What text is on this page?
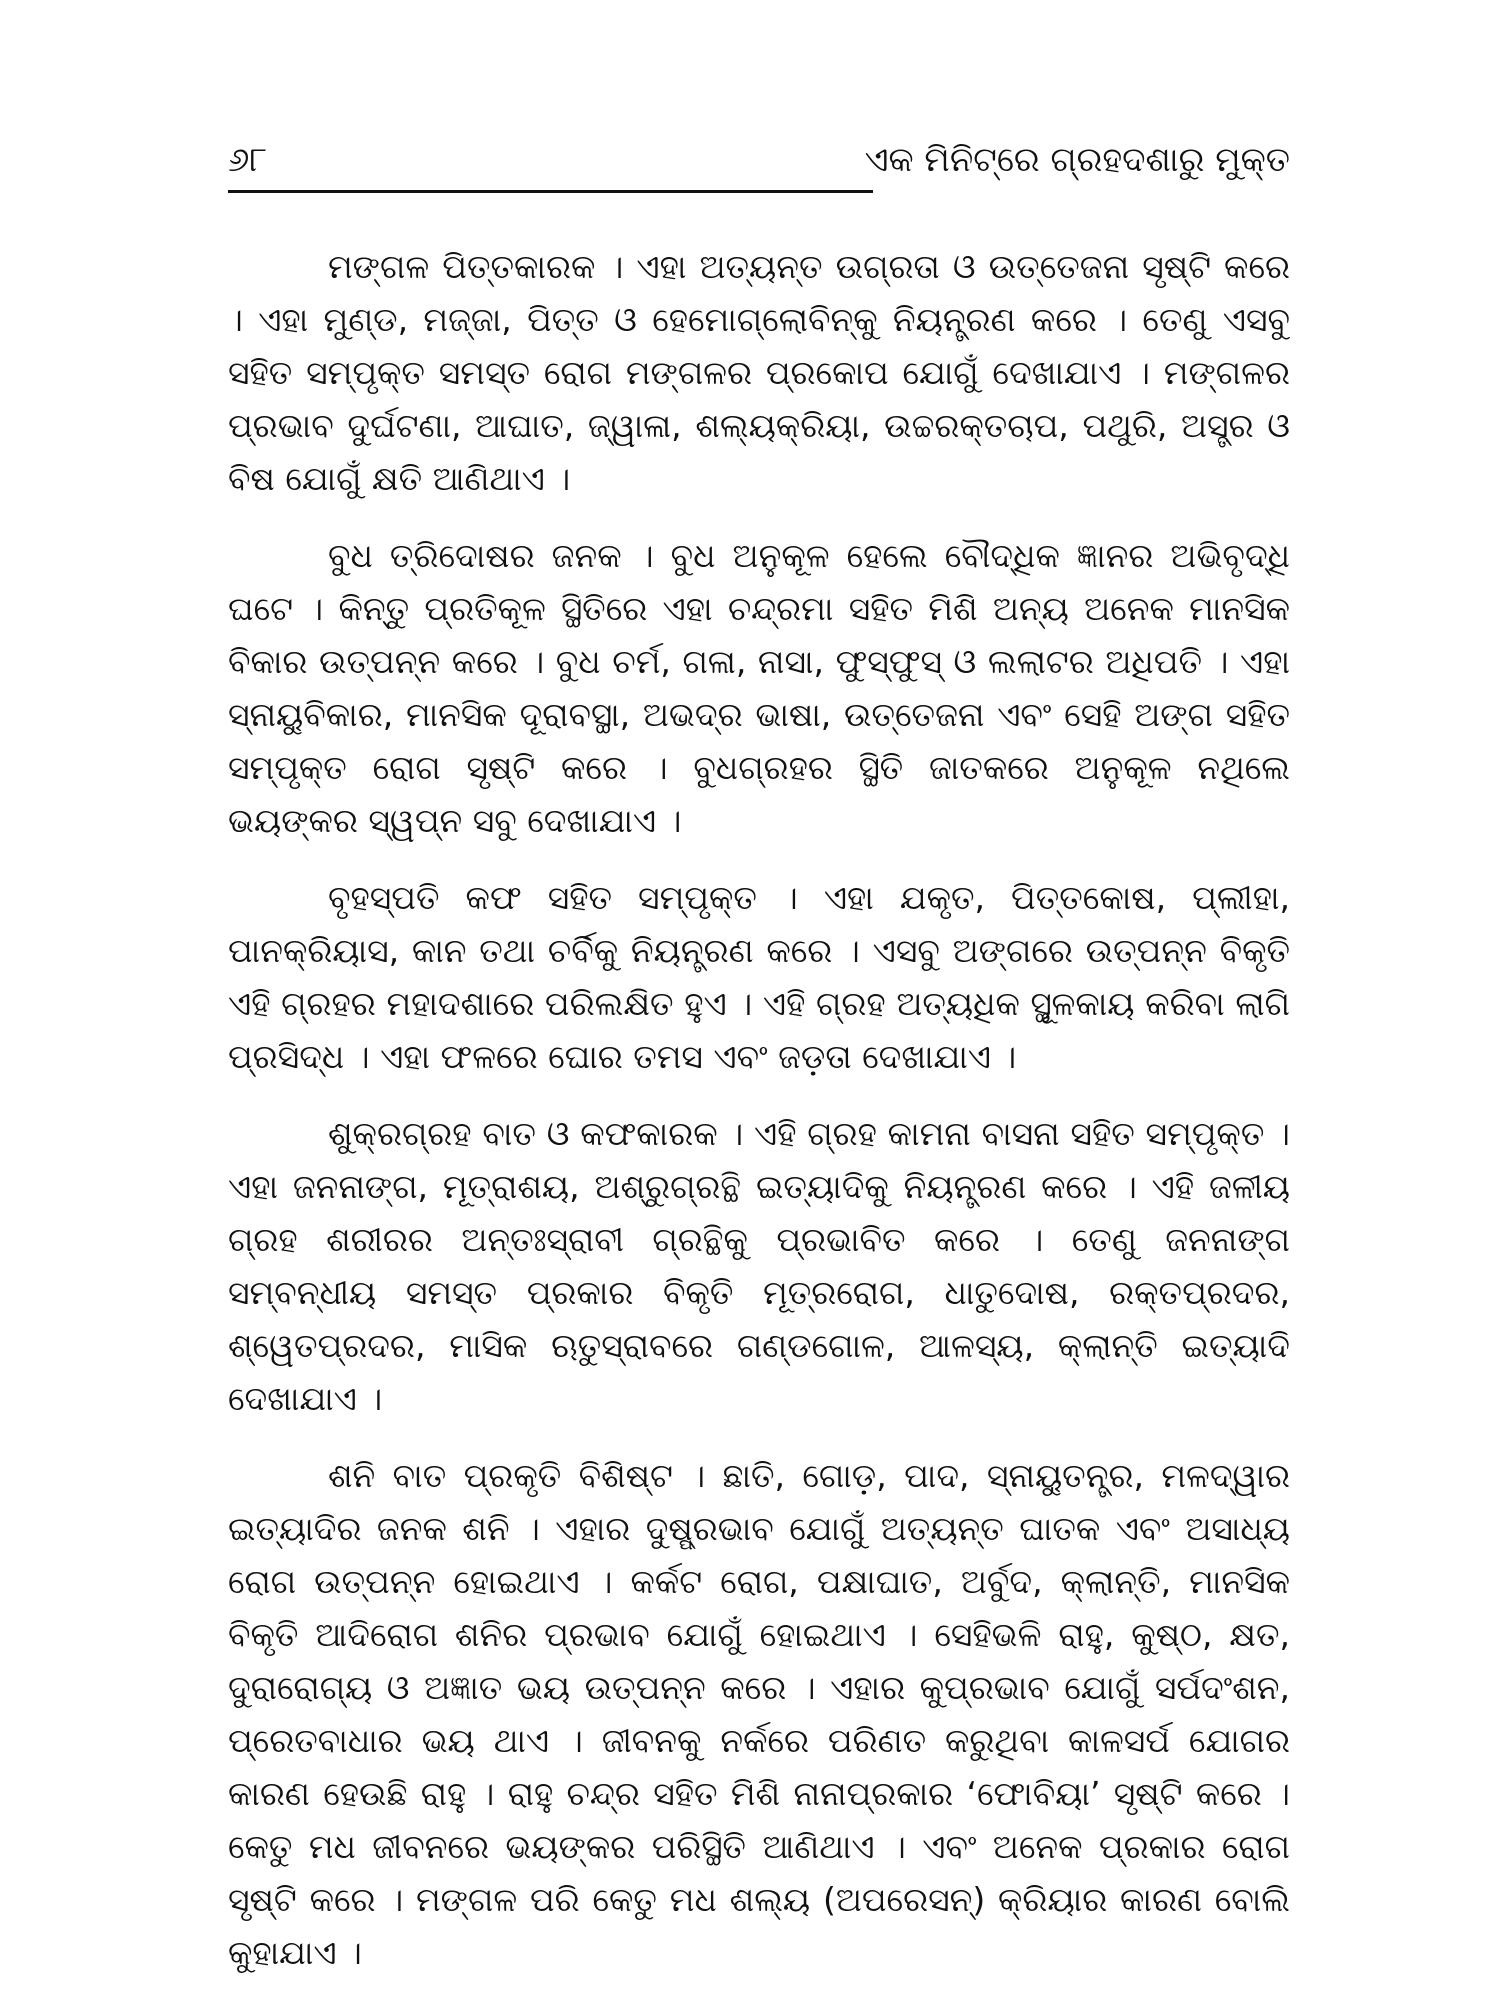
୬୮	ଏକ ମିନିଟ୍‌ରେ ଗ୍ରହଦଶାରୁ ମୁକ୍ତ

ମଙ୍ଗଳ ପିତ୍ତକାରକ । ଏହା ଅତ୍ୟନ୍ତ ଉଗ୍ରତା ଓ ଉତ୍ତେଜନା ସୃଷ୍ଟି କରେ । ଏହା ମୁଣ୍ଡ, ମଜ୍ଜା, ପିତ୍ତ ଓ ହେମୋଗ୍ଲୋବିନ୍‌କୁ ନିୟନ୍ତ୍ରଣ କରେ । ତେଣୁ ଏସବୁ ସହିତ ସମ୍ପୃକ୍ତ ସମସ୍ତ ରୋଗ ମଙ୍ଗଳର ପ୍ରକୋପ ଯୋଗୁଁ ଦେଖାଯାଏ । ମଙ୍ଗଳର ପ୍ରଭାବ ଦୁର୍ଘଟଣା, ଆଘାତ, ଜ୍ୱାଳା, ଶଲ୍ୟକ୍ରିୟା, ଉଚ୍ଚରକ୍ତଚାପ, ପଥୁରି, ଅସ୍ତ୍ର ଓ ବିଷ ଯୋଗୁଁ କ୍ଷତି ଆଣିଥାଏ ।

ବୁଧ ତ୍ରିଦୋଷର ଜନକ । ବୁଧ ଅନୁକୂଳ ହେଲେ ବୌଦ୍ଧିକ ଜ୍ଞାନର ଅଭିବୃଦ୍ଧି ଘଟେ । କିନ୍ତୁ ପ୍ରତିକୂଳ ସ୍ଥିତିରେ ଏହା ଚନ୍ଦ୍ରମା ସହିତ ମିଶି ଅନ୍ୟ ଅନେକ ମାନସିକ ବିକାର ଉତ୍ପନ୍ନ କରେ । ବୁଧ ଚର୍ମ, ଗଳା, ନାସା, ଫୁସ୍‌ଫୁସ୍ ଓ ଲଲାଟର ଅଧିପତି । ଏହା ସ୍ନାୟୁବିକାର, ମାନସିକ ଦୂରାବସ୍ଥା, ଅଭଦ୍ର ଭାଷା, ଉତ୍ତେଜନା ଏବଂ ସେହି ଅଙ୍ଗ ସହିତ ସମ୍ପୃକ୍ତ ରୋଗ ସୃଷ୍ଟି କରେ । ବୁଧଗ୍ରହର ସ୍ଥିତି ଜାତକରେ ଅନୁକୂଳ ନଥିଲେ ଭୟଙ୍କର ସ୍ୱପ୍ନ ସବୁ ଦେଖାଯାଏ ।

ବୃହସ୍ପତି କଫ ସହିତ ସମ୍ପୃକ୍ତ । ଏହା ଯକୃତ, ପିତ୍ତକୋଷ, ପ୍ଲୀହା, ପାନକ୍ରିୟାସ, କାନ ତଥା ଚର୍ବିକୁ ନିୟନ୍ତ୍ରଣ କରେ । ଏସବୁ ଅଙ୍ଗରେ ଉତ୍ପନ୍ନ ବିକୃତି ଏହି ଗ୍ରହର ମହାଦଶାରେ ପରିଲକ୍ଷିତ ହୁଏ । ଏହି ଗ୍ରହ ଅତ୍ୟଧିକ ସ୍ଥୂଳକାୟ କରିବା ଲାଗି ପ୍ରସିଦ୍ଧ । ଏହା ଫଳରେ ଘୋର ତମସ ଏବଂ ଜଡ଼ତା ଦେଖାଯାଏ ।

ଶୁକ୍ରଗ୍ରହ ବାତ ଓ କଫକାରକ । ଏହି ଗ୍ରହ କାମନା ବାସନା ସହିତ ସମ୍ପୃକ୍ତ । ଏହା ଜନନାଙ୍ଗ, ମୂତ୍ରାଶୟ, ଅଶ୍ରୁଗ୍ରନ୍ଥି ଇତ୍ୟାଦିକୁ ନିୟନ୍ତ୍ରଣ କରେ । ଏହି ଜଳୀୟ ଗ୍ରହ ଶରୀରର ଅନ୍ତଃସ୍ରାବୀ ଗ୍ରନ୍ଥିକୁ ପ୍ରଭାବିତ କରେ । ତେଣୁ ଜନନାଙ୍ଗ ସମ୍ବନ୍ଧୀୟ ସମସ୍ତ ପ୍ରକାର ବିକୃତି ମୂତ୍ରରୋଗ, ଧାତୁଦୋଷ, ରକ୍ତପ୍ରଦର, ଶ୍ୱେତପ୍ରଦର, ମାସିକ ଋତୁସ୍ରାବରେ ଗଣ୍ଡଗୋଳ, ଆଳସ୍ୟ, କ୍ଲାନ୍ତି ଇତ୍ୟାଦି ଦେଖାଯାଏ ।

ଶନି ବାତ ପ୍ରକୃତି ବିଶିଷ୍ଟ । ଛାତି, ଗୋଡ଼, ପାଦ, ସ୍ନାୟୁତନ୍ତ୍ର, ମଳଦ୍ୱାର ଇତ୍ୟାଦିର ଜନକ ଶନି । ଏହାର ଦୁଷ୍ପ୍ରଭାବ ଯୋଗୁଁ ଅତ୍ୟନ୍ତ ଘାତକ ଏବଂ ଅସାଧ୍ୟ ରୋଗ ଉତ୍ପନ୍ନ ହୋଇଥାଏ । କର୍କଟ ରୋଗ, ପକ୍ଷାଘାତ, ଅର୍ବୁଦ, କ୍ଲାନ୍ତି, ମାନସିକ ବିକୃତି ଆଦିରୋଗ ଶନିର ପ୍ରଭାବ ଯୋଗୁଁ ହୋଇଥାଏ । ସେହିଭଳି ରାହୁ, କୁଷ୍ଠ, କ୍ଷତ, ଦୁରାରୋଗ୍ୟ ଓ ଅଜ୍ଞାତ ଭୟ ଉତ୍ପନ୍ନ କରେ । ଏହାର କୁପ୍ରଭାବ ଯୋଗୁଁ ସର୍ପଦଂଶନ, ପ୍ରେତବାଧାର ଭୟ ଥାଏ । ଜୀବନକୁ ନର୍କରେ ପରିଣତ କରୁଥିବା କାଳସର୍ପ ଯୋଗର କାରଣ ହେଉଛି ରାହୁ । ରାହୁ ଚନ୍ଦ୍ର ସହିତ ମିଶି ନାନାପ୍ରକାର ‘ଫୋବିୟା’ ସୃଷ୍ଟି କରେ । କେତୁ ମଧ ଜୀବନରେ ଭୟଙ୍କର ପରିସ୍ଥିତି ଆଣିଥାଏ । ଏବଂ ଅନେକ ପ୍ରକାର ରୋଗ ସୃଷ୍ଟି କରେ । ମଙ୍ଗଳ ପରି କେତୁ ମଧ ଶଲ୍ୟ (ଅପରେସନ୍) କ୍ରିୟାର କାରଣ ବୋଲି କୁହାଯାଏ ।
